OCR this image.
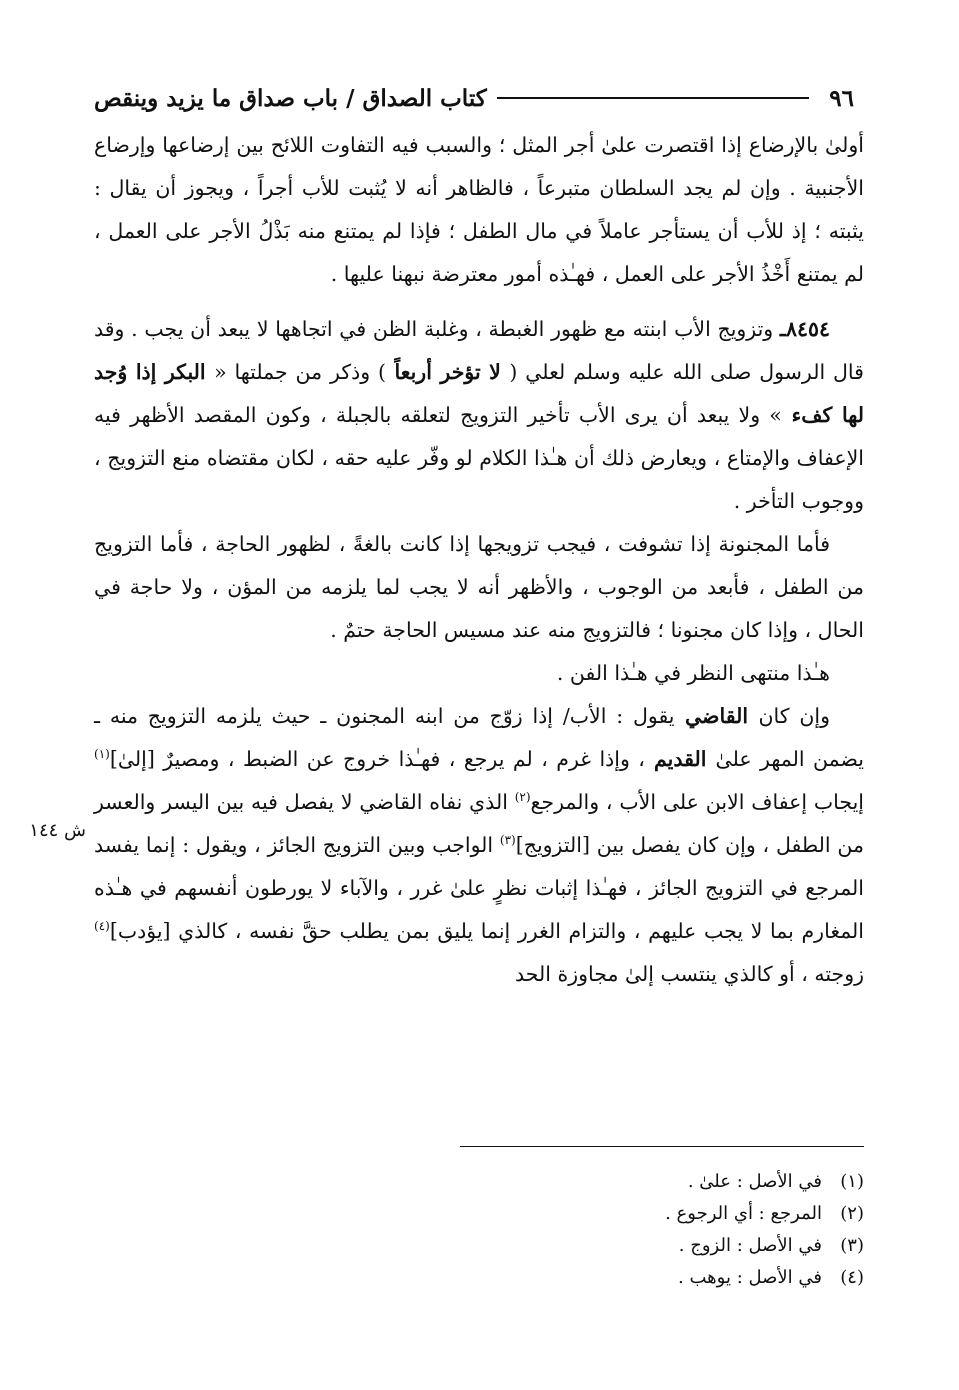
٩٦
كتاب الصداق / باب صداق ما يزيد وينقص
ش ١٤٤

أولىٰ بالإرضاع إذا اقتصرت علىٰ أجر المثل ؛ والسبب فيه التفاوت اللائح بين إرضاعها وإرضاع الأجنبية . وإن لم يجد السلطان متبرعاً ، فالظاهر أنه لا يُثبت للأب أجراً ، ويجوز أن يقال : يثبته ؛ إذ للأب أن يستأجر عاملاً في مال الطفل ؛ فإذا لم يمتنع منه بَذْلُ الأجر على العمل ، لم يمتنع أَخْذُ الأجر على العمل ، فهـٰذه أمور معترضة نبهنا عليها .

٨٤٥٤ـ وتزويج الأب ابنته مع ظهور الغبطة ، وغلبة الظن في اتجاهها لا يبعد أن يجب . وقد قال الرسول صلى الله عليه وسلم لعلي ( لا تؤخر أربعاً ) وذكر من جملتها « البكر إذا وُجد لها كفء » ولا يبعد أن يرى الأب تأخير التزويج لتعلقه بالجبلة ، وكون المقصد الأظهر فيه الإعفاف والإمتاع ، ويعارض ذلك أن هـٰذا الكلام لو وفّر عليه حقه ، لكان مقتضاه منع التزويج ، ووجوب التأخر .

فأما المجنونة إذا تشوفت ، فيجب تزويجها إذا كانت بالغةً ، لظهور الحاجة ، فأما التزويج من الطفل ، فأبعد من الوجوب ، والأظهر أنه لا يجب لما يلزمه من المؤن ، ولا حاجة في الحال ، وإذا كان مجنونا ؛ فالتزويج منه عند مسيس الحاجة حتمٌ .

هـٰذا منتهى النظر في هـٰذا الفن .

وإن كان القاضي يقول : الأب/ إذا زوّج من ابنه المجنون ـ حيث يلزمه التزويج منه ـ يضمن المهر علىٰ القديم ، وإذا غرم ، لم يرجع ، فهـٰذا خروج عن الضبط ، ومصيرٌ [إلىٰ]$^{(١)}$ إيجاب إعفاف الابن على الأب ، والمرجع$^{(٢)}$ الذي نفاه القاضي لا يفصل فيه بين اليسر والعسر من الطفل ، وإن كان يفصل بين [التزويج]$^{(٣)}$ الواجب وبين التزويج الجائز ، ويقول : إنما يفسد المرجع في التزويج الجائز ، فهـٰذا إثبات نظرٍ علىٰ غرر ، والآباء لا يورطون أنفسهم في هـٰذه المغارم بما لا يجب عليهم ، والتزام الغرر إنما يليق بمن يطلب حقَّ نفسه ، كالذي [يؤدب]$^{(٤)}$ زوجته ، أو كالذي ينتسب إلىٰ مجاوزة الحد

(١)
في الأصل : علىٰ .
(٢)
المرجع : أي الرجوع .
(٣)
في الأصل : الزوج .
(٤)
في الأصل : يوهب .
